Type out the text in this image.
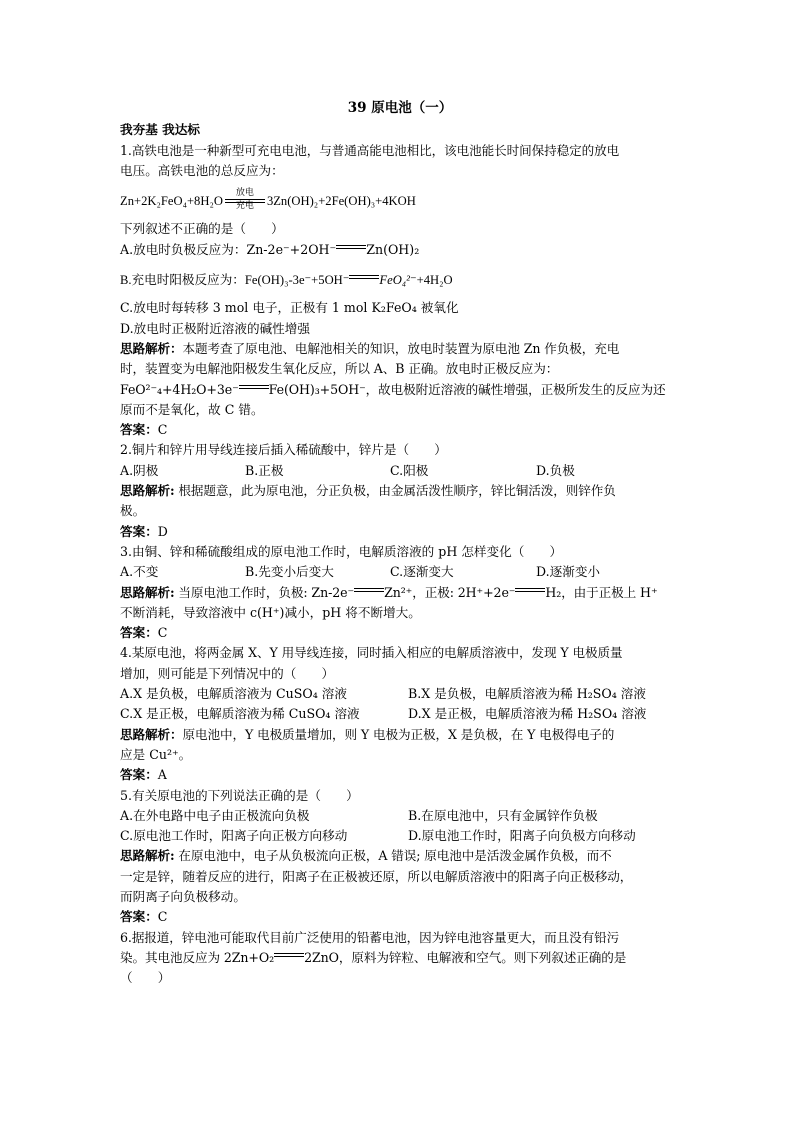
39 原电池（一）
我夯基 我达标
1.高铁电池是一种新型可充电电池，与普通高能电池相比，该电池能长时间保持稳定的放电
电压。高铁电池的总反应为：
Zn+2K₂FeO₄+8H₂O
放电
充电	3Zn(OH)₂+2Fe(OH)₃+4KOH
下列叙述不正确的是（　　）
A.放电时负极反应为：Zn-2e⁻+2OH⁻ Zn(OH)₂
B.充电时阳极反应为：Fe(OH)₃-3e⁻+5OH⁻ FeO₄²⁻+4H₂O
C.放电时每转移 3 mol 电子，正极有 1 mol K₂FeO₄ 被氧化
D.放电时正极附近溶液的碱性增强
思路解析：本题考查了原电池、电解池相关的知识，放电时装置为原电池 Zn 作负极，充电
时，装置变为电解池阳极发生氧化反应，所以 A、B 正确。放电时正极反应为：
FeO²⁻₄+4H₂O+3e⁻ Fe(OH)₃+5OH⁻，故电极附近溶液的碱性增强，正极所发生的反应为还
原而不是氧化，故 C 错。
答案：C
2.铜片和锌片用导线连接后插入稀硫酸中，锌片是（　　）
A.阴极	B.正极	C.阳极	D.负极
思路解析: 根据题意，此为原电池，分正负极，由金属活泼性顺序，锌比铜活泼，则锌作负
极。
答案：D
3.由铜、锌和稀硫酸组成的原电池工作时，电解质溶液的 pH 怎样变化（　　）
A.不变	B.先变小后变大	C.逐渐变大	D.逐渐变小
思路解析: 当原电池工作时，负极: Zn-2e⁻ Zn²⁺，正极: 2H⁺+2e⁻ H₂，由于正极上 H⁺
不断消耗，导致溶液中 c(H⁺)减小，pH 将不断增大。
答案：C
4.某原电池，将两金属 X、Y 用导线连接，同时插入相应的电解质溶液中，发现 Y 电极质量
增加，则可能是下列情况中的（　　）
A.X 是负极，电解质溶液为 CuSO₄ 溶液	B.X 是负极，电解质溶液为稀 H₂SO₄ 溶液
C.X 是正极，电解质溶液为稀 CuSO₄ 溶液	D.X 是正极，电解质溶液为稀 H₂SO₄ 溶液
思路解析：原电池中，Y 电极质量增加，则 Y 电极为正极，X 是负极，在 Y 电极得电子的
应是 Cu²⁺。
答案：A
5.有关原电池的下列说法正确的是（　　）
A.在外电路中电子由正极流向负极	B.在原电池中，只有金属锌作负极
C.原电池工作时，阳离子向正极方向移动	D.原电池工作时，阳离子向负极方向移动
思路解析: 在原电池中，电子从负极流向正极，A 错误; 原电池中是活泼金属作负极，而不
一定是锌，随着反应的进行，阳离子在正极被还原，所以电解质溶液中的阳离子向正极移动，
而阴离子向负极移动。
答案：C
6.据报道，锌电池可能取代目前广泛使用的铅蓄电池，因为锌电池容量更大，而且没有铅污
染。其电池反应为 2Zn+O₂ 2ZnO，原料为锌粒、电解液和空气。则下列叙述正确的是
（　　）
